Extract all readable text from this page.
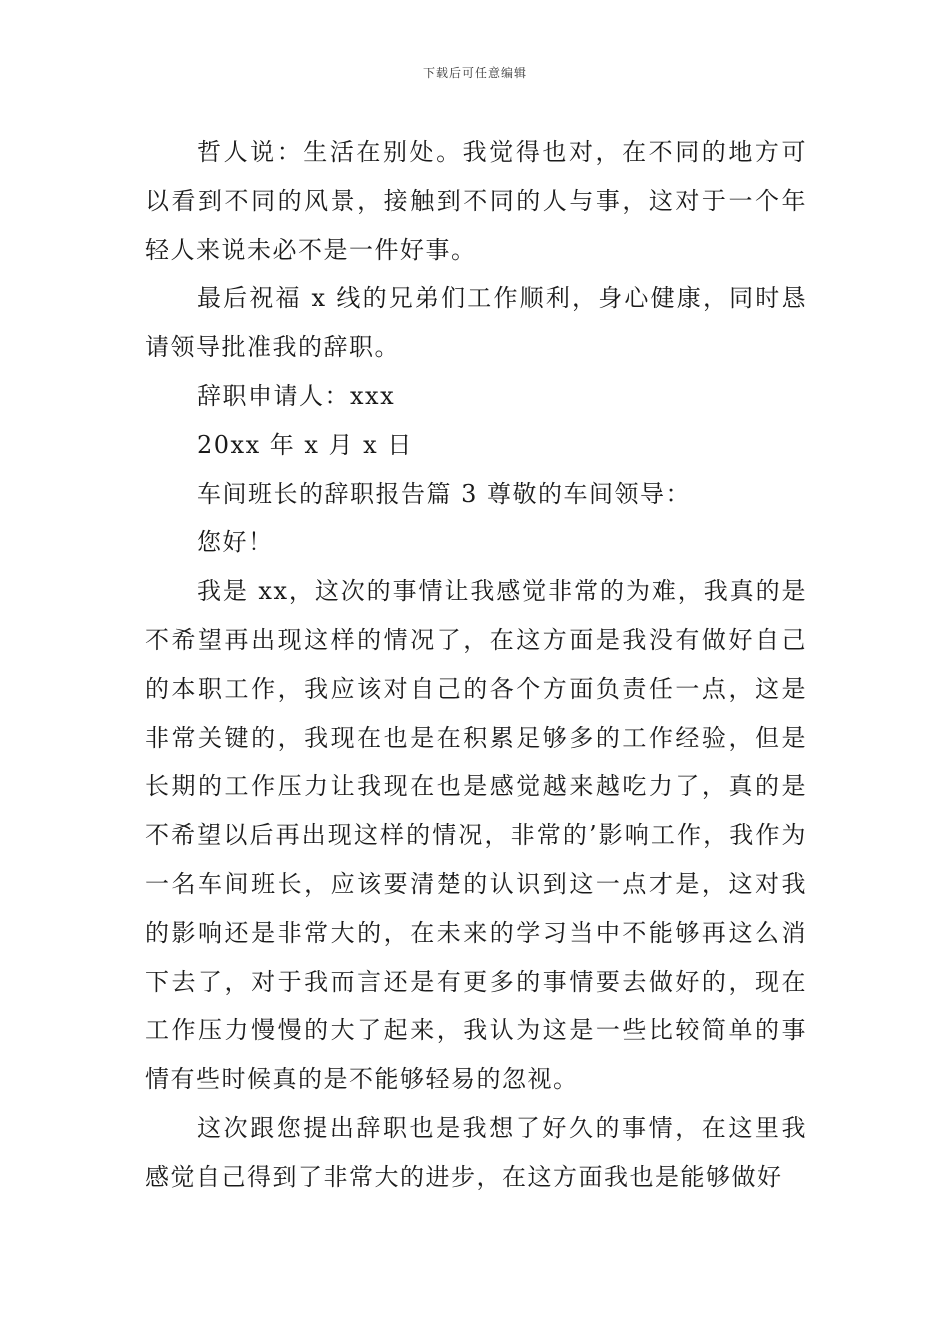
下载后可任意编辑

哲人说：生活在别处。我觉得也对，在不同的地方可以看到不同的风景，接触到不同的人与事，这对于一个年轻人来说未必不是一件好事。

最后祝福 x 线的兄弟们工作顺利，身心健康，同时恳请领导批准我的辞职。

辞职申请人：xxx

20xx 年 x 月 x 日

车间班长的辞职报告篇 3 尊敬的车间领导：

您好！

我是 xx，这次的事情让我感觉非常的为难，我真的是不希望再出现这样的情况了，在这方面是我没有做好自己的本职工作，我应该对自己的各个方面负责任一点，这是非常关键的，我现在也是在积累足够多的工作经验，但是长期的工作压力让我现在也是感觉越来越吃力了，真的是不希望以后再出现这样的情况，非常的’影响工作，我作为一名车间班长，应该要清楚的认识到这一点才是，这对我的影响还是非常大的，在未来的学习当中不能够再这么消下去了，对于我而言还是有更多的事情要去做好的，现在工作压力慢慢的大了起来，我认为这是一些比较简单的事情有些时候真的是不能够轻易的忽视。

这次跟您提出辞职也是我想了好久的事情，在这里我感觉自己得到了非常大的进步，在这方面我也是能够做好
